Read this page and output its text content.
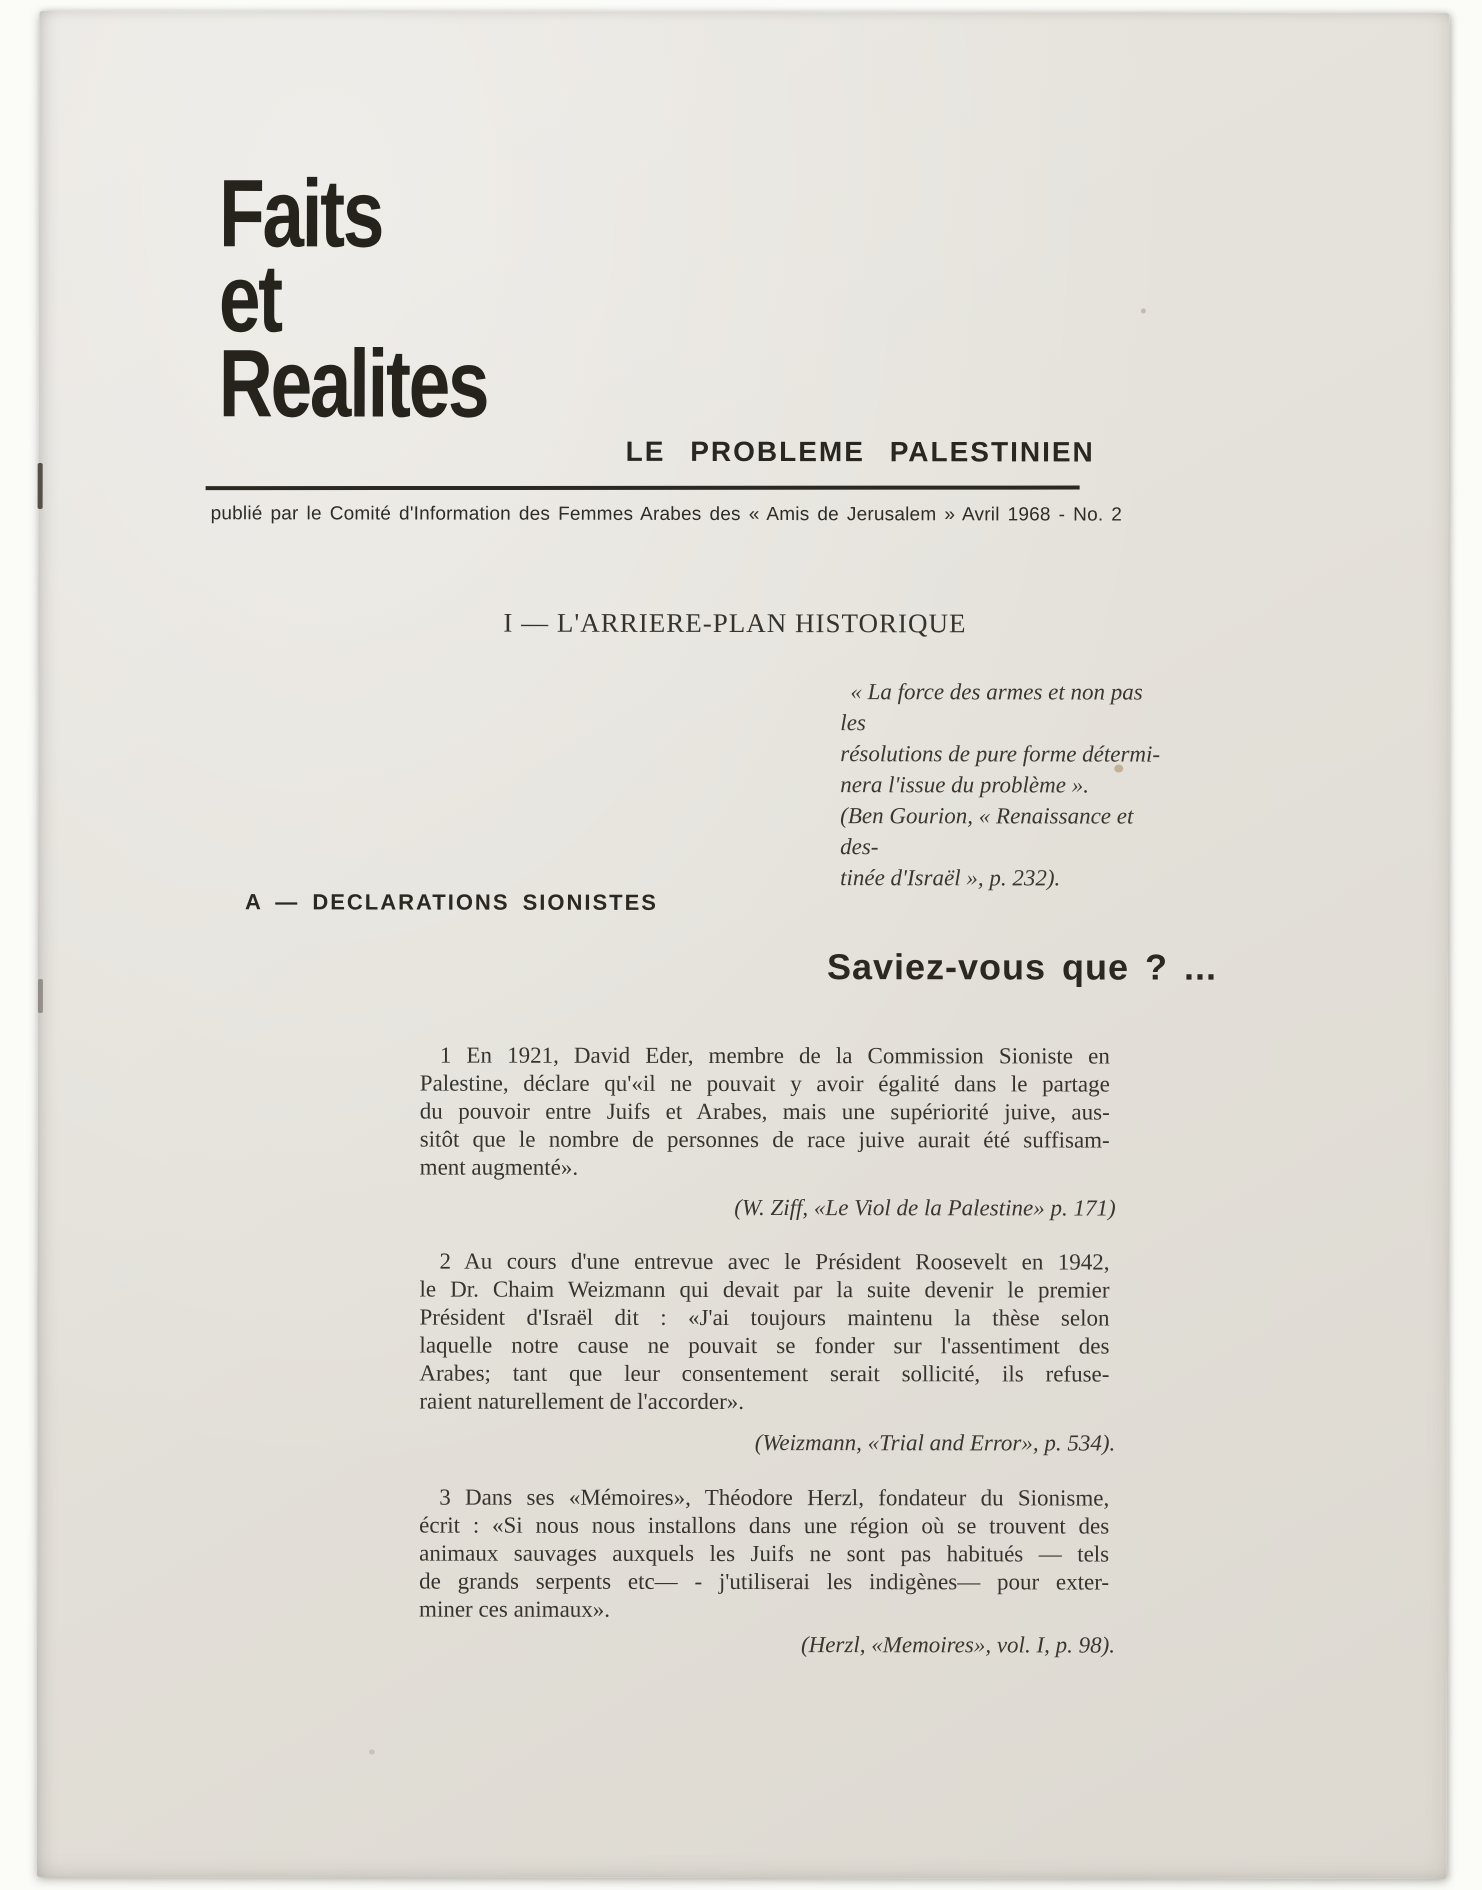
Faits
et
Realites
LE PROBLEME PALESTINIEN
publié par le Comité d'Information des Femmes Arabes des « Amis de Jerusalem » Avril 1968 - No. 2
I — L'ARRIERE-PLAN HISTORIQUE
« La force des armes et non pas les
résolutions de pure forme détermi-
nera l'issue du problème ».
(Ben Gourion, « Renaissance et des-
tinée d'Israël », p. 232).
A — DECLARATIONS SIONISTES
Saviez-vous que ? ...
1 En 1921, David Eder, membre de la Commission Sioniste en
Palestine, déclare qu'«il ne pouvait y avoir égalité dans le partage
du pouvoir entre Juifs et Arabes, mais une supériorité juive, aus-
sitôt que le nombre de personnes de race juive aurait été suffisam-
ment augmenté».
(W. Ziff, «Le Viol de la Palestine» p. 171)
2 Au cours d'une entrevue avec le Président Roosevelt en 1942,
le Dr. Chaim Weizmann qui devait par la suite devenir le premier
Président d'Israël dit : «J'ai toujours maintenu la thèse selon
laquelle notre cause ne pouvait se fonder sur l'assentiment des
Arabes; tant que leur consentement serait sollicité, ils refuse-
raient naturellement de l'accorder».
(Weizmann, «Trial and Error», p. 534).
3 Dans ses «Mémoires», Théodore Herzl, fondateur du Sionisme,
écrit : «Si nous nous installons dans une région où se trouvent des
animaux sauvages auxquels les Juifs ne sont pas habitués — tels
de grands serpents etc— - j'utiliserai les indigènes— pour exter-
miner ces animaux».
(Herzl, «Memoires», vol. I, p. 98).
